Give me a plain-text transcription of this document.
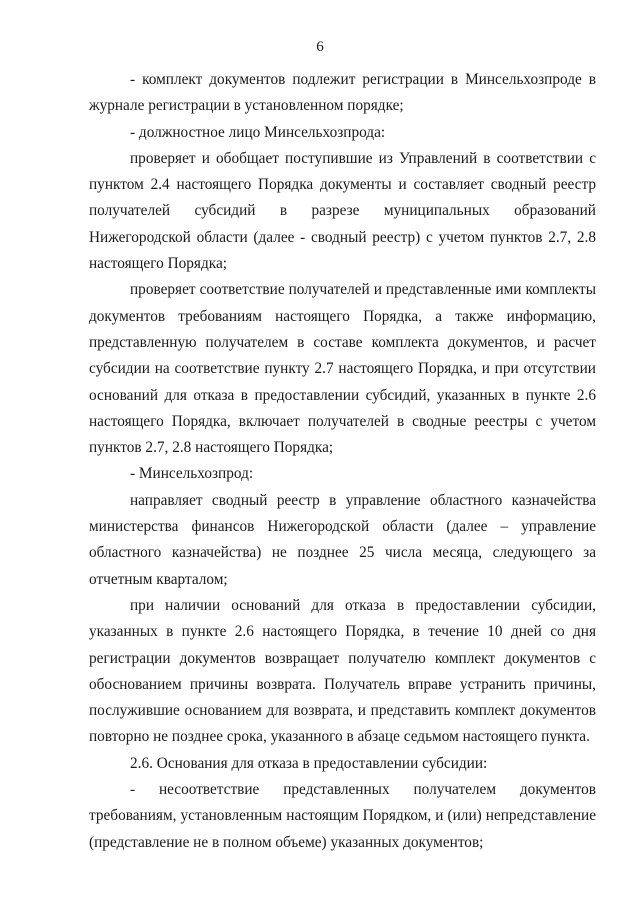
6

- комплект документов подлежит регистрации в Минсельхозпроде в журнале регистрации в установленном порядке;

- должностное лицо Минсельхозпрода:

проверяет и обобщает поступившие из Управлений в соответствии с пунктом 2.4 настоящего Порядка документы и составляет сводный реестр получателей субсидий в разрезе муниципальных образований Нижегородской области (далее - сводный реестр) с учетом пунктов 2.7, 2.8 настоящего Порядка;

проверяет соответствие получателей и представленные ими комплекты документов требованиям настоящего Порядка, а также информацию, представленную получателем в составе комплекта документов, и расчет субсидии на соответствие пункту 2.7 настоящего Порядка, и при отсутствии оснований для отказа в предоставлении субсидий, указанных в пункте 2.6 настоящего Порядка, включает получателей в сводные реестры с учетом пунктов 2.7, 2.8 настоящего Порядка;

- Минсельхозпрод:

направляет сводный реестр в управление областного казначейства министерства финансов Нижегородской области (далее – управление областного казначейства) не позднее 25 числа месяца, следующего за отчетным кварталом;

при наличии оснований для отказа в предоставлении субсидии, указанных в пункте 2.6 настоящего Порядка, в течение 10 дней со дня регистрации документов возвращает получателю комплект документов с обоснованием причины возврата. Получатель вправе устранить причины, послужившие основанием для возврата, и представить комплект документов повторно не позднее срока, указанного в абзаце седьмом настоящего пункта.

2.6. Основания для отказа в предоставлении субсидии:

- несоответствие представленных получателем документов требованиям, установленным настоящим Порядком, и (или) непредставление (представление не в полном объеме) указанных документов;
